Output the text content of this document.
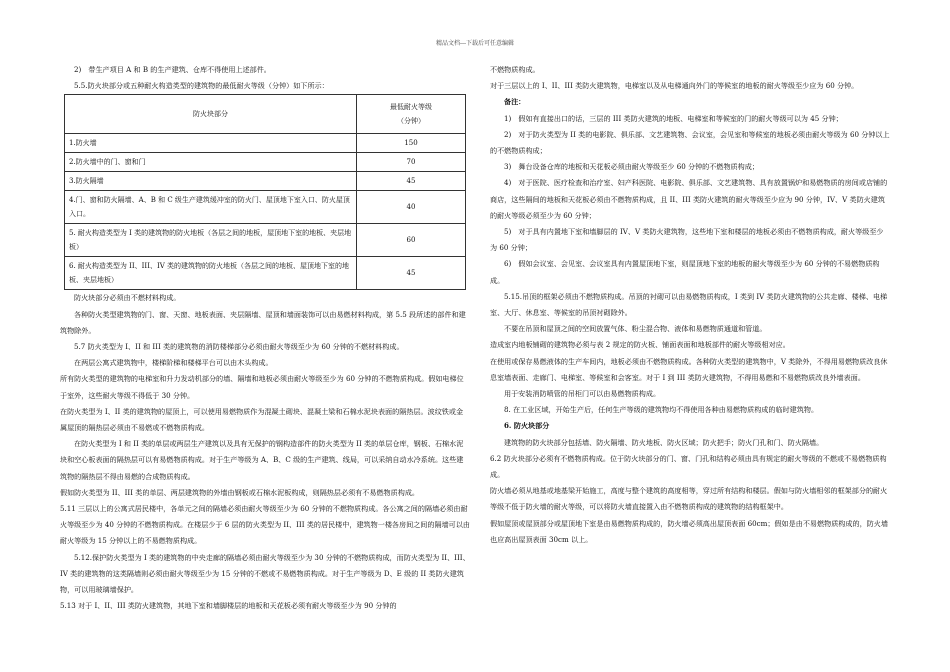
精品文档---下载后可任意编辑

2)　带生产项目 A 和 B 的生产建筑、仓库不得使用上述部件。

5.5.防火块部分或五种耐火构造类型的建筑物的最低耐火等级（分钟）如下所示：

防火块部分	最低耐火等级
（分钟）
1.防火墙	150
2.防火墙中的门、窗和门	70
3.防火隔墙	45
4.门、窗和防火隔墙、A、B 和 C 级生产建筑缓冲室的防火门、屋顶地下室入口、防火屋顶入口。	40
5. 耐火构造类型为 I 类的建筑物的防火地板（各层之间的地板，屋顶地下室的地板、夹层地板）	60
6. 耐火构造类型为 II、III、IV 类的建筑物的防火地板（各层之间的地板、屋顶地下室的地板、夹层地板）	45

防火块部分必须由不燃材料构成。

各种防火类型建筑物的门、窗、天窗、地板表面、夹层隔墙、屋顶和墙面装饰可以由易燃材料构成，第 5.5 段所述的部件和建筑物除外。

5.7 防火类型为 I、II 和 III 类的建筑物的消防楼梯部分必须由耐火等级至少为 60 分钟的不燃材料构成。

在两层公寓式建筑物中，楼梯阶梯和楼梯平台可以由木头构成。

所有防火类型的建筑物的电梯室和升力发动机部分的墙、隔墙和地板必须由耐火等级至少为 60 分钟的不燃物质构成。假如电梯位于室外，这些耐火等级不得低于 30 分钟。

在防火类型为 I、II 类的建筑物的屋顶上，可以使用易燃物质作为混凝土砌块、混凝土梁和石棉水泥块表面的隔热层。波纹铁或金属屋顶的隔热层必须由不易燃或不燃物质构成。

在防火类型为 I 和 II 类的单层或两层生产建筑以及具有无保护的钢构造部件的防火类型为 II 类的单层仓库，钢板、石棉水泥块和空心板表面的隔热层可以有易燃物质构成。对于生产等级为 A、B、C 级的生产建筑、线局，可以采纳自动水冷系统。这些建筑物的隔热层不得由易燃的合成物质构成。

假如防火类型为 II、III 类的单层、两层建筑物的外墙由钢板或石棉水泥板构成，则隔热层必须有不易燃物质构成。

5.11 三层以上的公寓式居民楼中，各单元之间的隔墙必须由耐火等级至少为 60 分钟的不燃物质构成。各公寓之间的隔墙必须由耐火等级至少为 40 分钟的不燃物质构成。在楼层少于 6 层的防火类型为 II、III 类的居民楼中，建筑物一楼各房间之间的隔墙可以由耐火等级为 15 分钟以上的不易燃物质构成。

5.12.保护防火类型为 I 类的建筑物的中央走廊的隔墙必须由耐火等级至少为 30 分钟的不燃物质构成，而防火类型为 II、III、IV 类的建筑物的这类隔墙则必须由耐火等级至少为 15 分钟的不燃或不易燃物质构成。对于生产等级为 D、E 级的 II 类防火建筑物，可以用玻璃墙保护。

5.13 对于 I、II、III 类防火建筑物，其地下室和墙脚楼层的地板和天花板必须有耐火等级至少为 90 分钟的

不燃物质构成。

对于三层以上的 I、II、III 类防火建筑物，电梯室以及从电梯通向外门的等候室的地板的耐火等级至少应为 60 分钟。

备注：

1)　假如有直接出口的话，三层的 III 类防火建筑的地板、电梯室和等候室的门的耐火等级可以为 45 分钟；

2)　对于防火类型为 II 类的电影院、俱乐部、文艺建筑物、会议室，会见室和等候室的地板必须由耐火等级为 60 分钟以上的不燃物质构成；

3)　舞台设备仓库的地板和天花板必须由耐火等级至少 60 分钟的不燃物质构成；

4)　对于医院、医疗检查和治疗室、妇产科医院、电影院、俱乐部、文艺建筑物、具有放置锅炉和易燃物质的房间或店铺的商店，这些隔间的地板和天花板必须由不燃物质构成，且 II、III 类防火建筑的耐火等级至少应为 90 分钟，IV、V 类防火建筑的耐火等级必须至少为 60 分钟；

5)　对于具有内置地下室和墙脚层的 IV、V 类防火建筑物，这些地下室和楼层的地板必须由不燃物质构成，耐火等级至少为 60 分钟；

6)　假如会议室、会见室、会议室具有内置屋顶地下室，则屋顶地下室的地板的耐火等级至少为 60 分钟的不易燃物质构成。

5.15.吊顶的框架必须由不燃物质构成。吊顶的衬砌可以由易燃物质构成，I 类到 IV 类防火建筑物的公共走廊、楼梯、电梯室、大厅、休息室、等候室的吊顶衬砌除外。

不要在吊顶和屋顶之间的空间放置气体、粉尘混合物、液体和易燃物质通道和管道。

造成室内地板铺砌的建筑物必须与表 2 规定的防火板、铺面表面和地板部件的耐火等级相对应。

在使用或保存易燃液体的生产车间内，地板必须由不燃物质构成。各种防火类型的建筑物中，V 类除外，不得用易燃物质改良休息室墙表面、走廊门、电梯室、等候室和会客室。对于 I 到 III 类防火建筑物，不得用易燃和不易燃物质改良外墙表面。

用于安装消防喷管的吊柜门可以由易燃物质构成。

8. 在工业区域，开始生产后，任何生产等级的建筑物均不得使用各种由易燃物质构成的临时建筑物。

6. 防火块部分

建筑物的防火块部分包括墙、防火隔墙、防火地板、防火区域；防火把手；防火门孔和门、防火隔墙。

6.2 防火块部分必须有不燃物质构成。位于防火块部分的门、窗、门孔和结构必须由具有规定的耐火等级的不燃或不易燃物质构成。

防火墙必须从地基或地基梁开始施工，高度与整个建筑的高度相等，穿过所有结构和楼层。假如与防火墙相邻的框架部分的耐火等级不低于防火墙的耐火等级，可以将防火墙直接置入由不燃物质构成的建筑物的结构框架中。

假如屋顶或屋顶部分或屋顶地下室是由易燃物质构成的，防火墙必须高出屋顶表面 60cm；假如是由不易燃物质构成的，防火墙也应高出屋顶表面 30cm 以上。
